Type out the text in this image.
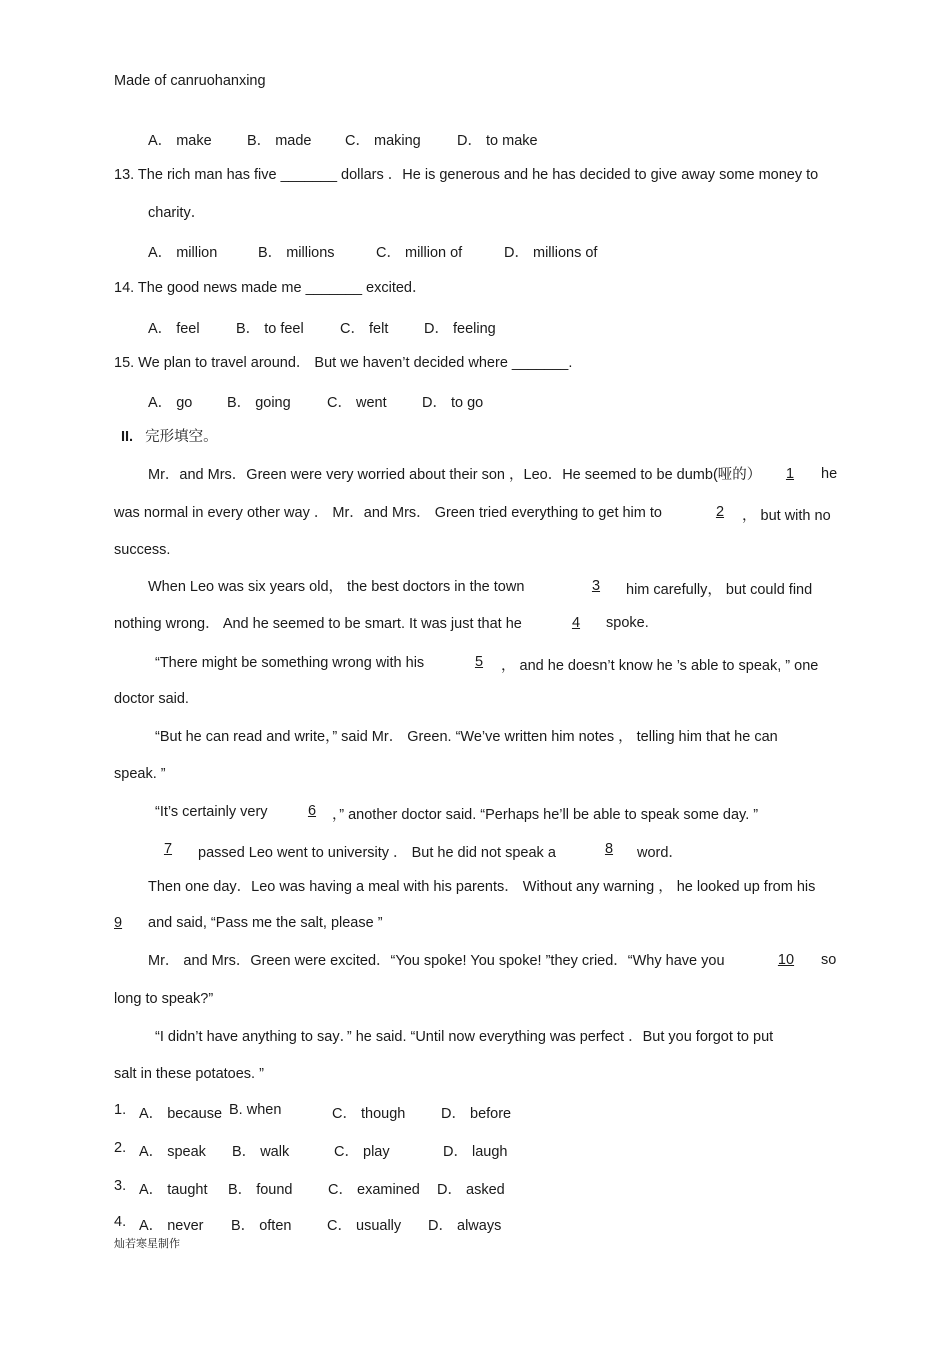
Made of canruohanxing
A． make B． made C． making	D． to make
13. The rich man has five _______ dollars ．He is generous and he has decided to give away some money to
charity．
A． million	B． millions	C． million of	D． millions of
14. The good news made me _______ excited．
A． feel	B． to feel	C． felt D． feeling
15. We plan to travel around． But we haven’t decided where _______.
A． go B． going	C． went D． to go
II. 完形填空。
Mr．and Mrs．Green were very worried about their son ，Leo．He seemed to be dumb(哑的）	1	he
was normal in every other way ． Mr．and Mrs． Green tried everything to get him to	2	， but with no
success.
When Leo was six years old， the best doctors in the town	3	him carefully， but could find
nothing wrong． And he seemed to be smart. It was just that he	4	spoke.
“There might be something wrong with his	5	， and he doesn’t know he ’s able to speak, ” one
doctor said.
“But he can read and write，” said Mr． Green. “We’ve written him notes ， telling him that he can
speak. ”
“It’s certainly very	6	，” another doctor said. “Perhaps he’ll be able to speak some day. ”
7	passed Leo went to university ． But he did not speak a	8	word．
Then one day．Leo was having a meal with his parents． Without any warning ， he looked up from his
9	and said, “Pass me the salt, please ”
Mr． and Mrs．Green were excited．“You spoke! You spoke! ”they cried．“Why have you	10	so
long to speak?”
“I didn’t have anything to say．” he said. “Until now everything was perfect ．But you forgot to put
salt in these potatoes. ”
1. A． because B. when	C． though D． before
2. A． speak B． walk	C． play	D． laugh
3. A． taught B． found C． examined D． asked
4. A． never B． often C． usually D． always
灿若寒星制作
